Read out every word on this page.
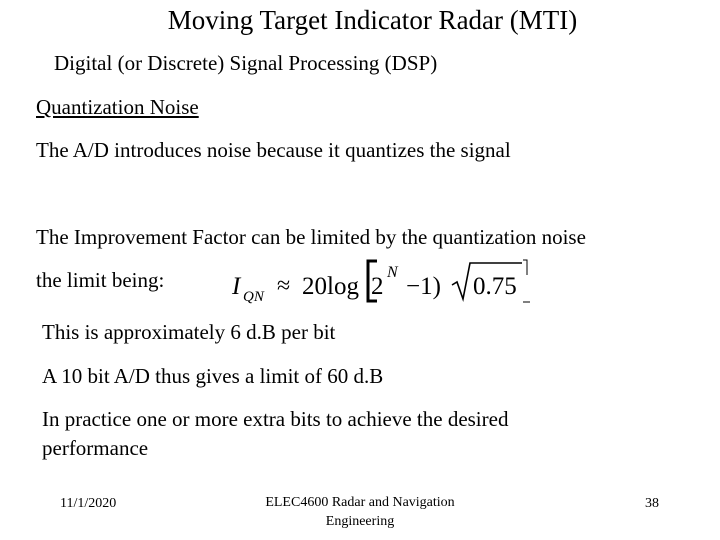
Moving Target Indicator Radar (MTI)
Digital (or Discrete) Signal Processing (DSP)
Quantization Noise
The A/D introduces noise because it quantizes the signal
The Improvement Factor can be limited by the quantization noise
the limit being:	I QN ≈ 20log 2
N
−1) 0.75
This is approximately 6 d.B per bit
A 10 bit A/D thus gives a limit of 60 d.B
In practice one or more extra bits to achieve the desired
performance
11/1/2020	ELEC4600 Radar and Navigation
Engineering
38
